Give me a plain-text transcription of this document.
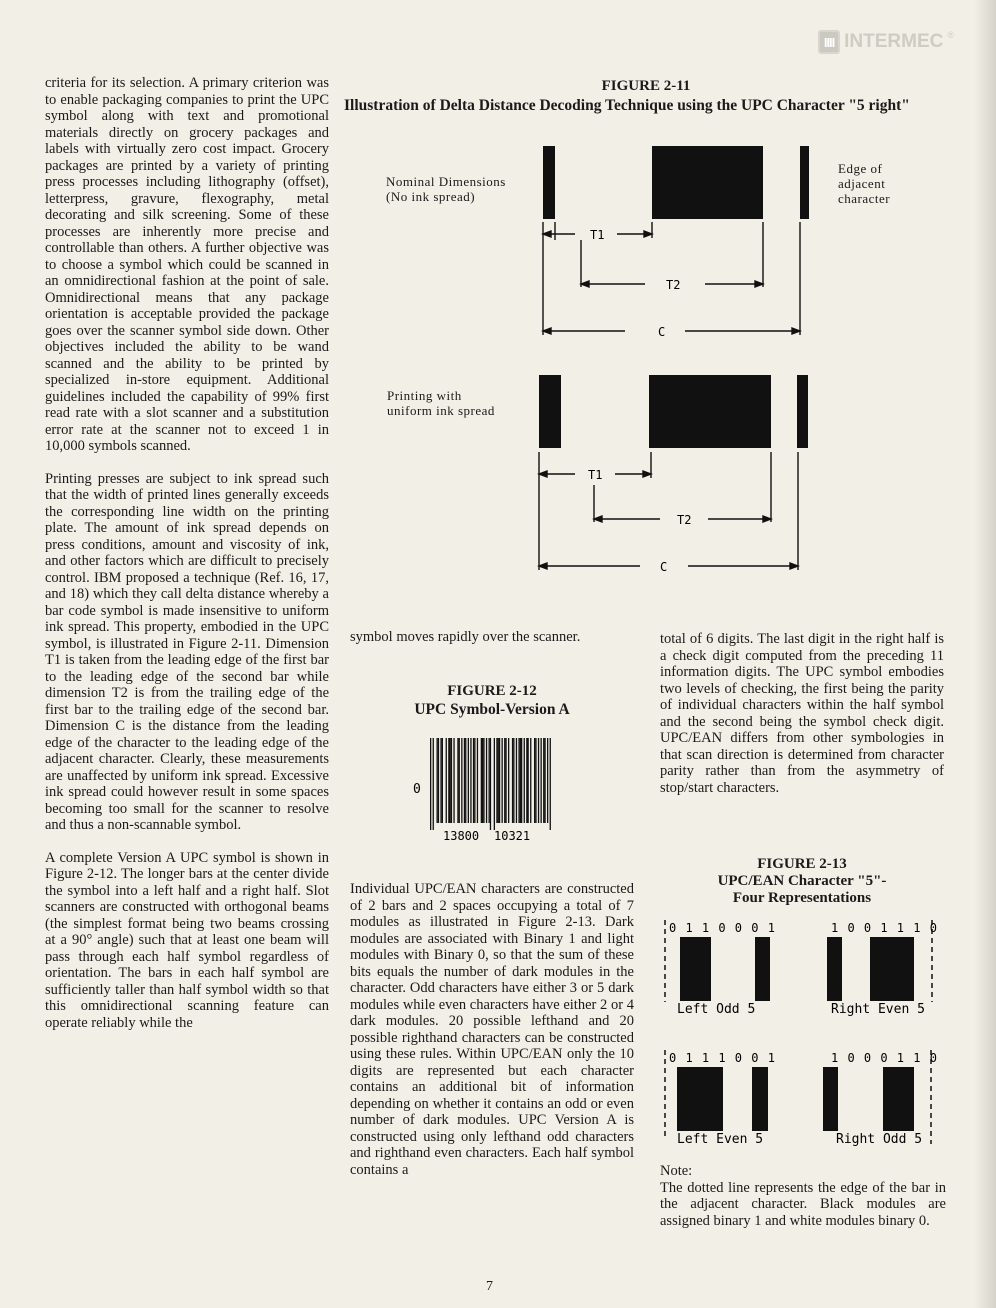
IIII INTERMEC ®

criteria for its selection. A primary criterion was to enable packaging companies to print the UPC symbol along with text and promotional materials directly on grocery packages and labels with virtually zero cost impact. Grocery packages are printed by a variety of printing press processes including lithography (offset), letterpress, gravure, flexography, metal decorating and silk screening. Some of these processes are inherently more precise and controllable than others. A further objective was to choose a symbol which could be scanned in an omnidirectional fashion at the point of sale. Omnidirectional means that any package orientation is acceptable provided the package goes over the scanner symbol side down. Other objectives included the ability to be wand scanned and the ability to be printed by specialized in-store equipment. Additional guidelines included the capability of 99% first read rate with a slot scanner and a substitution error rate at the scanner not to exceed 1 in 10,000 symbols scanned.

Printing presses are subject to ink spread such that the width of printed lines generally exceeds the corresponding line width on the printing plate. The amount of ink spread depends on press conditions, amount and viscosity of ink, and other factors which are difficult to precisely control. IBM proposed a technique (Ref. 16, 17, and 18) which they call delta distance whereby a bar code symbol is made insensitive to uniform ink spread. This property, embodied in the UPC symbol, is illustrated in Figure 2-11. Dimension T1 is taken from the leading edge of the first bar to the leading edge of the second bar while dimension T2 is from the trailing edge of the first bar to the trailing edge of the second bar. Dimension C is the distance from the leading edge of the character to the leading edge of the adjacent character. Clearly, these measurements are unaffected by uniform ink spread. Excessive ink spread could however result in some spaces becoming too small for the scanner to resolve and thus a non-scannable symbol.

A complete Version A UPC symbol is shown in Figure 2-12. The longer bars at the center divide the symbol into a left half and a right half. Slot scanners are constructed with orthogonal beams (the simplest format being two beams crossing at a 90° angle) such that at least one beam will pass through each half symbol regardless of orientation. The bars in each half symbol are sufficiently taller than half symbol width so that this omnidirectional scanning feature can operate reliably while the

FIGURE 2-11
Illustration of Delta Distance Decoding Technique using the UPC Character "5 right"
Nominal Dimensions
(No ink spread)
Edge of
adjacent
character
Printing with
uniform ink spread
T1
T2
C
T1
T2
C

symbol moves rapidly over the scanner.

FIGURE 2-12
UPC Symbol-Version A
0
13800 10321

Individual UPC/EAN characters are constructed of 2 bars and 2 spaces occupying a total of 7 modules as illustrated in Figure 2-13. Dark modules are associated with Binary 1 and light modules with Binary 0, so that the sum of these bits equals the number of dark modules in the character. Odd characters have either 3 or 5 dark modules while even characters have either 2 or 4 dark modules. 20 possible lefthand and 20 possible righthand characters can be constructed using these rules. Within UPC/EAN only the 10 digits are represented but each character contains an additional bit of information depending on whether it contains an odd or even number of dark modules. UPC Version A is constructed using only lefthand odd characters and righthand even characters. Each half symbol contains a

total of 6 digits. The last digit in the right half is a check digit computed from the preceding 11 information digits. The UPC symbol embodies two levels of checking, the first being the parity of individual characters within the half symbol and the second being the symbol check digit. UPC/EAN differs from other symbologies in that scan direction is determined from character parity rather than from the asymmetry of stop/start characters.

FIGURE 2-13
UPC/EAN Character "5"-
Four Representations
0 1 1 0 0 0 1
Left Odd 5
1 0 0 1 1 1 0
Right Even 5
0 1 1 1 0 0 1
Left Even 5
1 0 0 0 1 1 0
Right Odd 5
Note:
The dotted line represents the edge of the bar in the adjacent character. Black modules are assigned binary 1 and white modules binary 0.
7
